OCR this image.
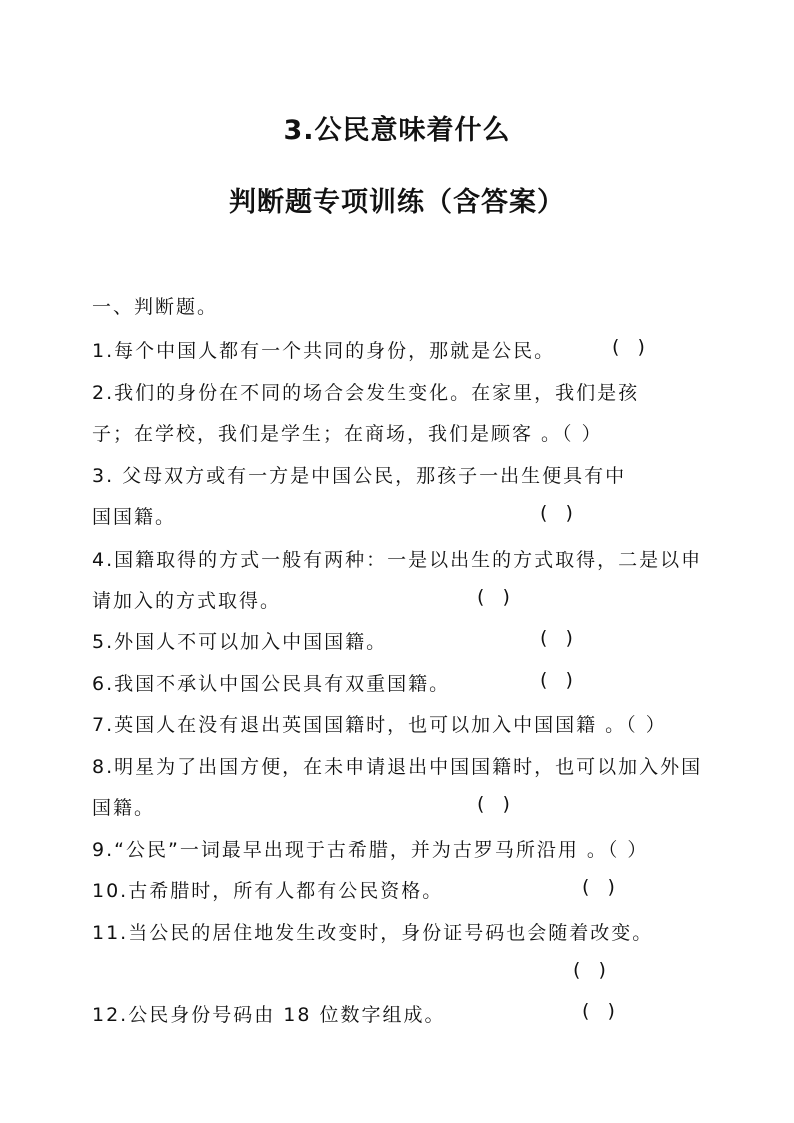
3.公民意味着什么
判断题专项训练（含答案）
一、判断题。
1.每个中国人都有一个共同的身份，那就是公民。	(   )
2.我们的身份在不同的场合会发生变化。在家里，我们是孩
子；在学校，我们是学生；在商场，我们是顾客 。（ ）
3. 父母双方或有一方是中国公民，那孩子一出生便具有中
国国籍。	(   )
4.国籍取得的方式一般有两种：一是以出生的方式取得，二是以申
请加入的方式取得。	(   )
5.外国人不可以加入中国国籍。	(   )
6.我国不承认中国公民具有双重国籍。	(   )
7.英国人在没有退出英国国籍时，也可以加入中国国籍 。（ ）
8.明星为了出国方便，在未申请退出中国国籍时，也可以加入外国
国籍。	(   )
9.“公民”一词最早出现于古希腊，并为古罗马所沿用 。（ ）
10.古希腊时，所有人都有公民资格。	(   )
11.当公民的居住地发生改变时，身份证号码也会随着改变。
(   )
12.公民身份号码由 18 位数字组成。	(   )
